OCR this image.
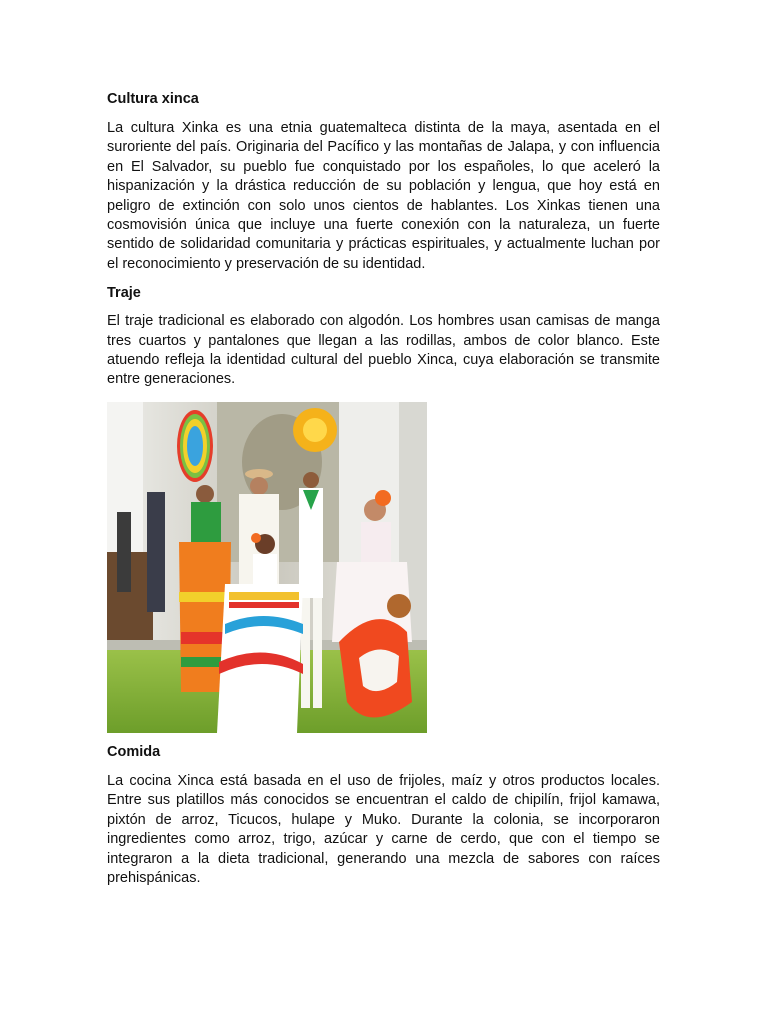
Cultura xinca

La cultura Xinka es una etnia guatemalteca distinta de la maya, asentada en el suroriente del país. Originaria del Pacífico y las montañas de Jalapa, y con influencia en El Salvador, su pueblo fue conquistado por los españoles, lo que aceleró la hispanización y la drástica reducción de su población y lengua, que hoy está en peligro de extinción con solo unos cientos de hablantes. Los Xinkas tienen una cosmovisión única que incluye una fuerte conexión con la naturaleza, un fuerte sentido de solidaridad comunitaria y prácticas espirituales, y actualmente luchan por el reconocimiento y preservación de su identidad.

Traje

El traje tradicional es elaborado con algodón. Los hombres usan camisas de manga tres cuartos y pantalones que llegan a las rodillas, ambos de color blanco. Este atuendo refleja la identidad cultural del pueblo Xinca, cuya elaboración se transmite entre generaciones.

Comida

La cocina Xinca está basada en el uso de frijoles, maíz y otros productos locales. Entre sus platillos más conocidos se encuentran el caldo de chipilín, frijol kamawa, pixtón de arroz, Ticucos, hulape y Muko. Durante la colonia, se incorporaron ingredientes como arroz, trigo, azúcar y carne de cerdo, que con el tiempo se integraron a la dieta tradicional, generando una mezcla de sabores con raíces prehispánicas.
